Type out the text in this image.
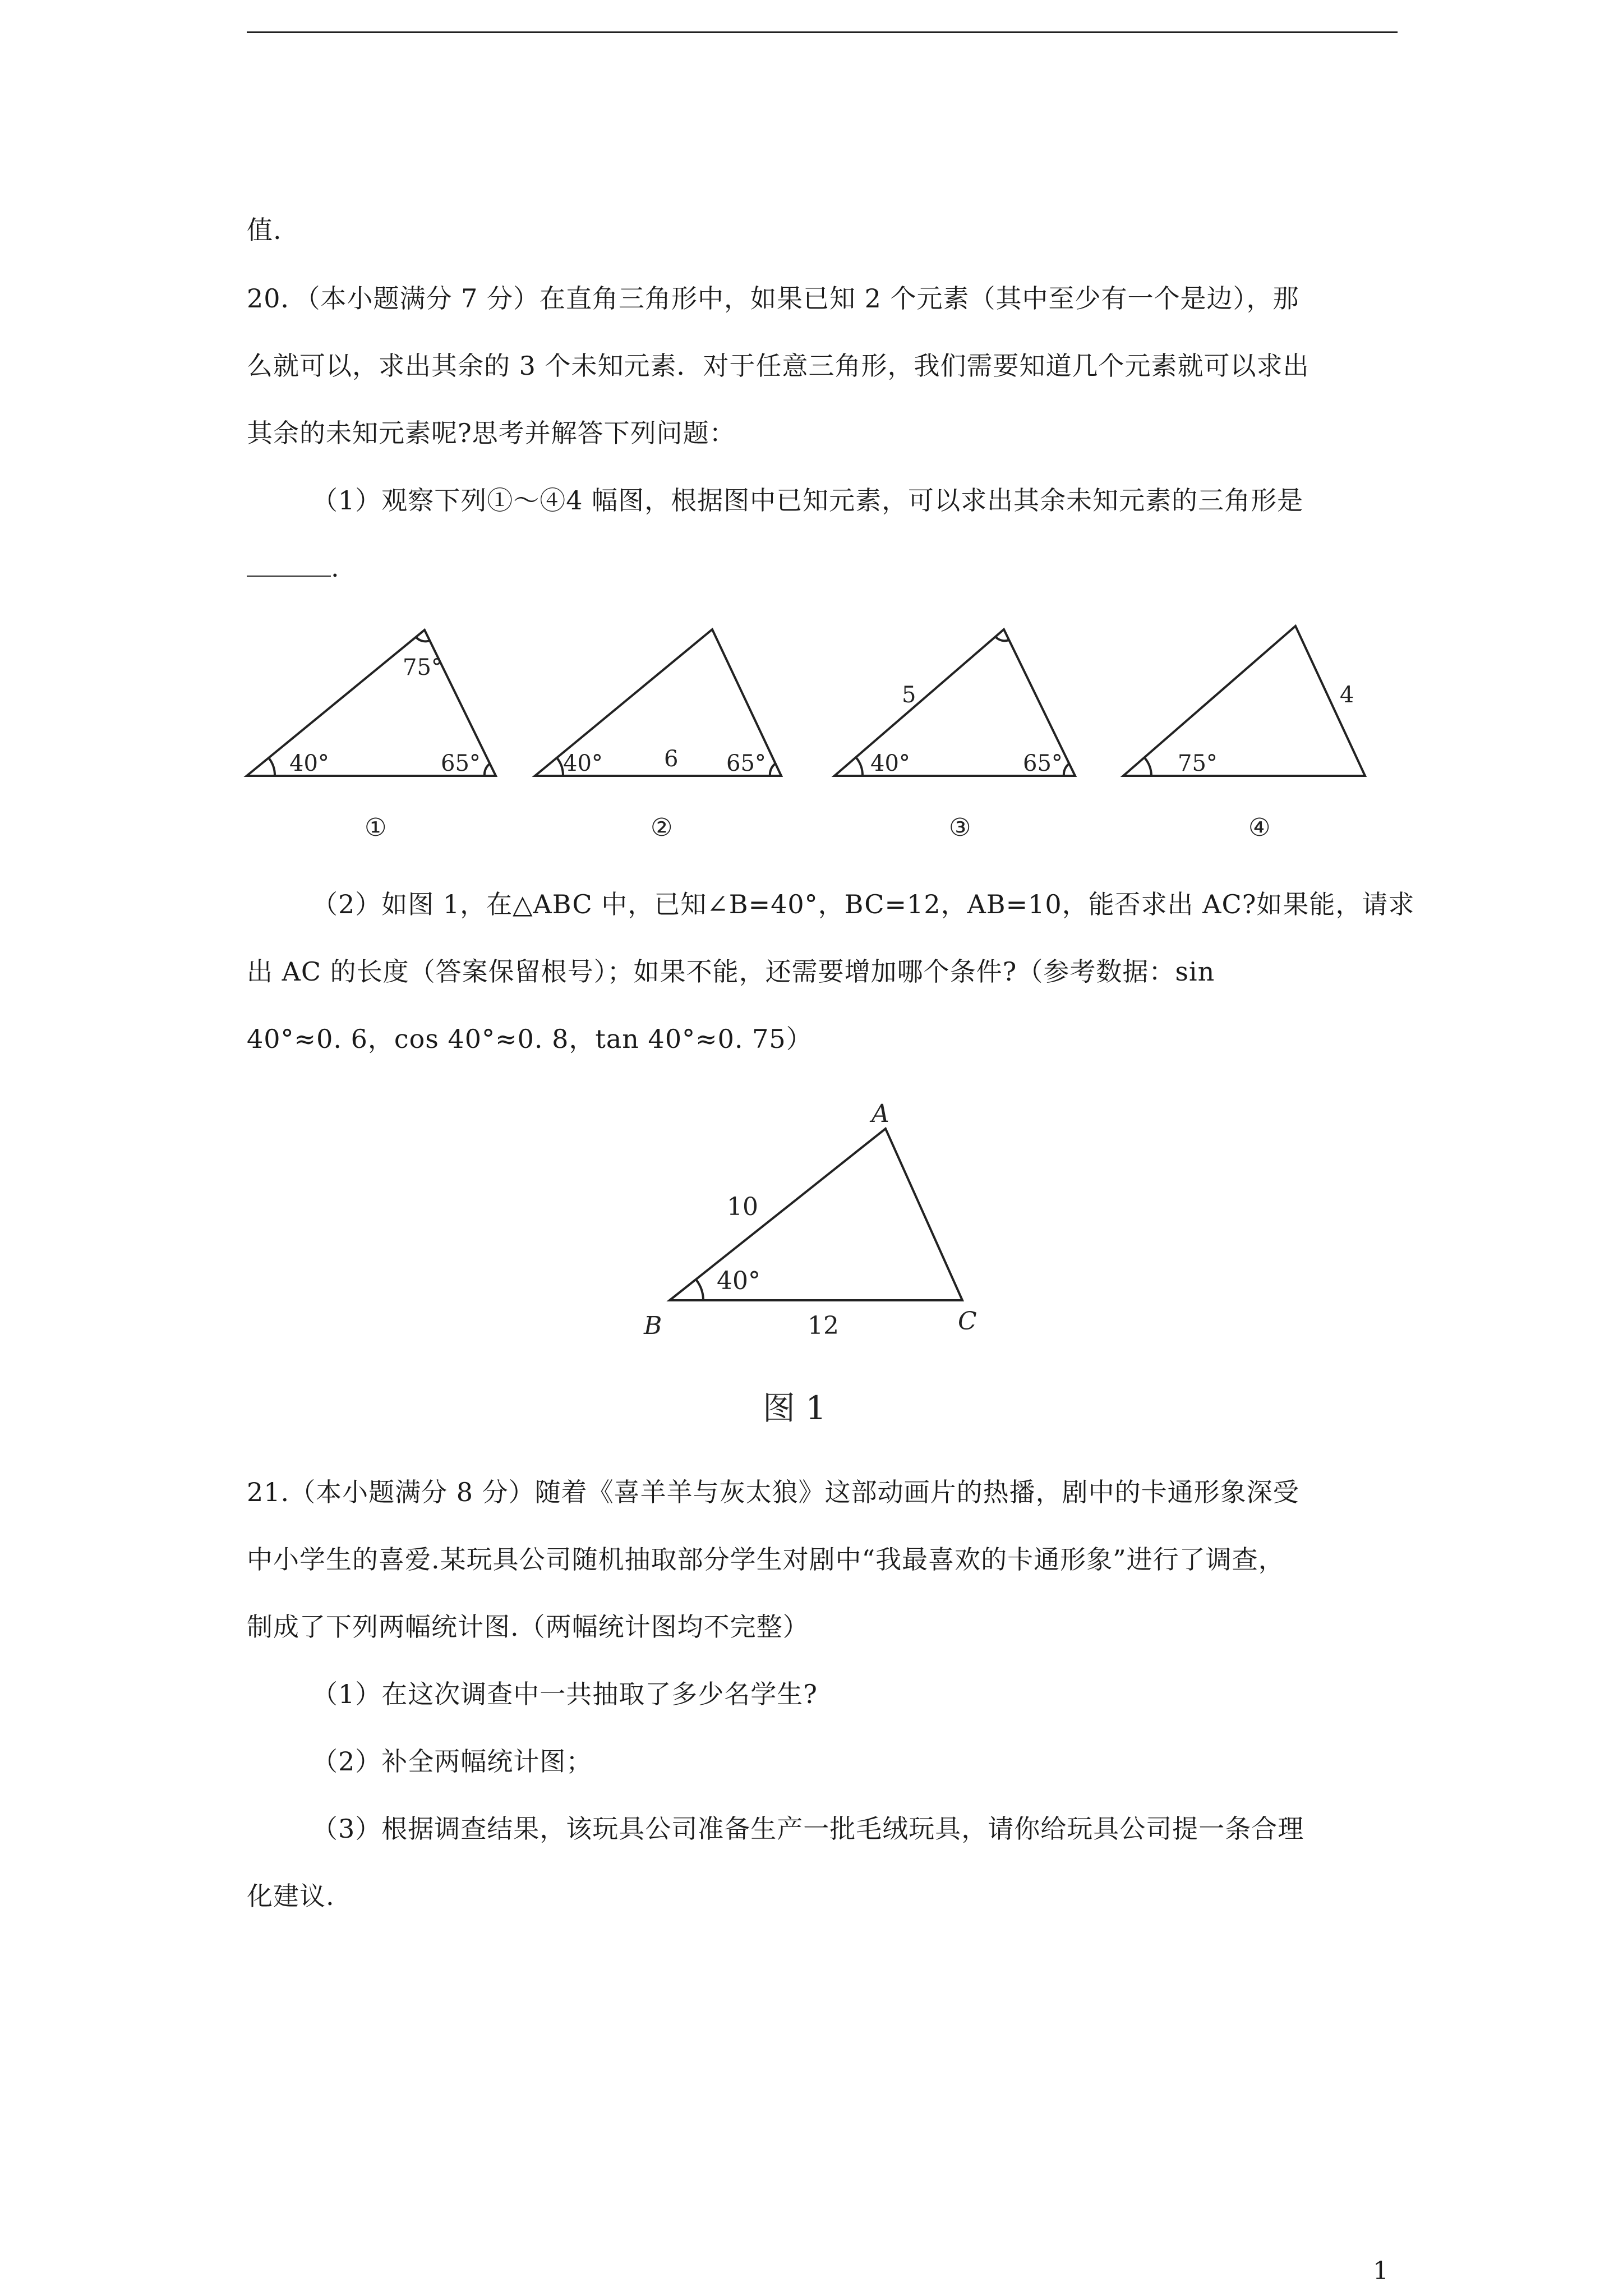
值.
20．（本小题满分 7 分）在直角三角形中，如果已知 2 个元素（其中至少有一个是边），那
么就可以，求出其余的 3 个未知元素．对于任意三角形，我们需要知道几个元素就可以求出
其余的未知元素呢?思考并解答下列问题：
（1）观察下列①～④4 幅图，根据图中已知元素，可以求出其余未知元素的三角形是
.
75°
40°	65°
①
40°	6 65°
②
5
40°	65°
③
4
75°
④
（2）如图 1，在△ABC 中，已知∠B=40°，BC=12，AB=10，能否求出 AC?如果能，请求
出 AC 的长度（答案保留根号）；如果不能，还需要增加哪个条件?（参考数据：sin
40°≈0. 6，cos 40°≈0. 8，tan 40°≈0. 75）
A
B	C
10
12
40°
图 1
21.（本小题满分 8 分）随着《喜羊羊与灰太狼》这部动画片的热播，剧中的卡通形象深受
中小学生的喜爱.某玩具公司随机抽取部分学生对剧中“我最喜欢的卡通形象”进行了调查，
制成了下列两幅统计图.（两幅统计图均不完整）
（1）在这次调查中一共抽取了多少名学生?
（2）补全两幅统计图；
（3）根据调查结果，该玩具公司准备生产一批毛绒玩具，请你给玩具公司提一条合理
化建议.
1
